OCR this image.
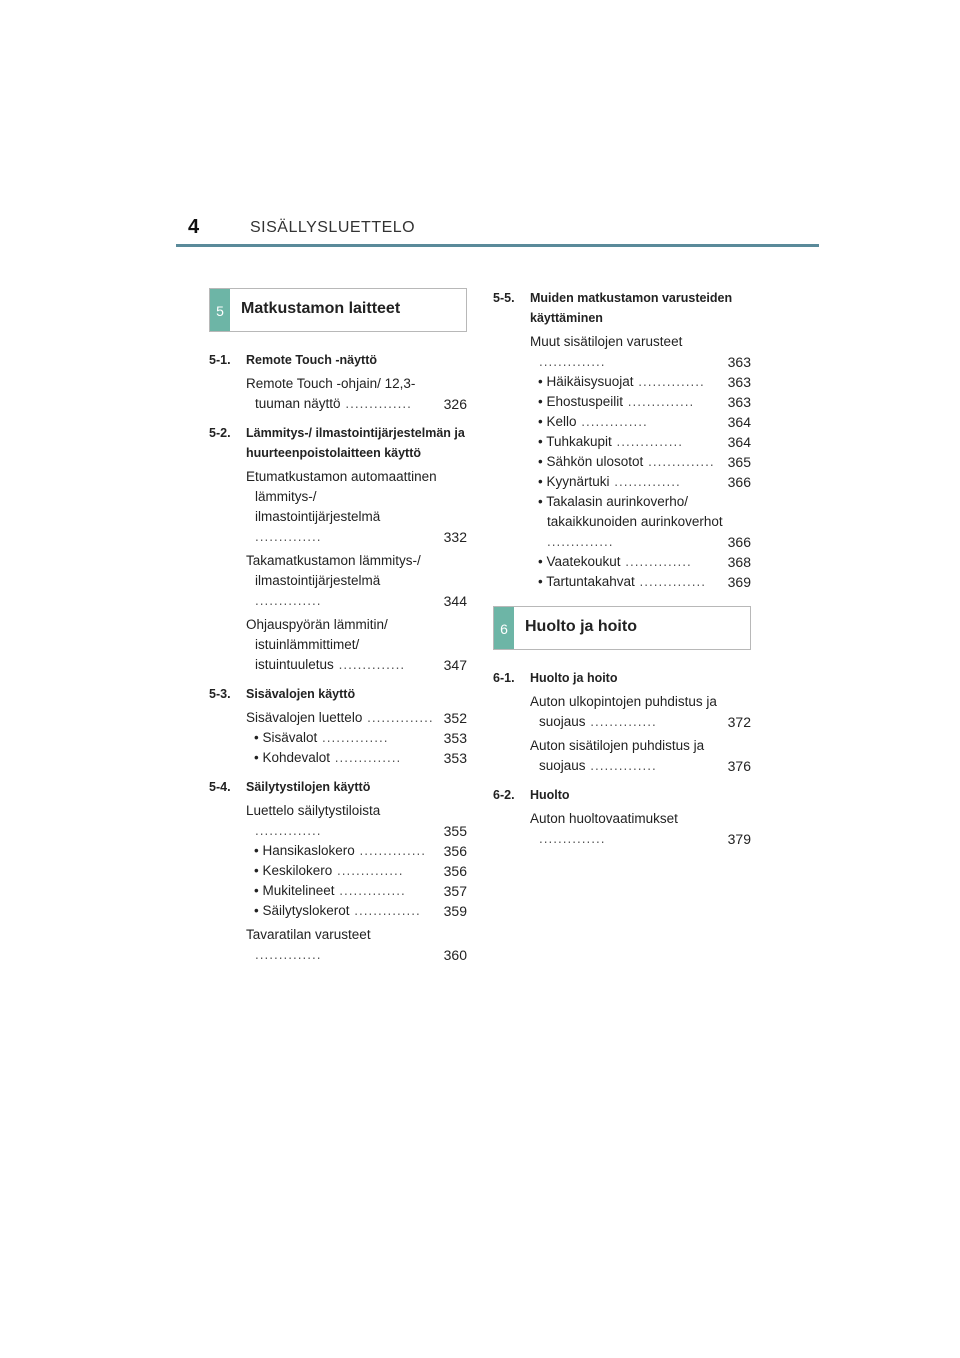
4	SISÄLLYSLUETTELO
5	Matkustamon laitteet
5-1.	Remote Touch -näyttö
Remote Touch -ohjain/ 12,3-tuuman näyttö ..............	326
5-2.	Lämmitys-/ ilmastointijärjestelmän ja huurteenpoistolaitteen käyttö
Etumatkustamon automaattinen lämmitys-/ ilmastointijärjestelmä ..............	332
Takamatkustamon lämmitys-/ ilmastointijärjestelmä ..............	344
Ohjauspyörän lämmitin/ istuinlämmittimet/ istuintuuletus ..............	347
5-3.	Sisävalojen käyttö
Sisävalojen luettelo .............. 352
• Sisävalot ..............	353
• Kohdevalot ..............	353
5-4.	Säilytystilojen käyttö
Luettelo säilytystiloista ..............	355
• Hansikaslokero ..............	356
• Keskilokero ..............	356
• Mukitelineet ..............	357
• Säilytyslokerot ..............	359
Tavaratilan varusteet ..............	360
5-5.	Muiden matkustamon varusteiden käyttäminen
Muut sisätilojen varusteet ..............	363
• Häikäisysuojat ..............	363
• Ehostuspeilit ..............	363
• Kello ..............	364
• Tuhkakupit ..............	364
• Sähkön ulosotot .............. 365
• Kyynärtuki ..............	366
• Takalasin aurinkoverho/ takaikkunoiden aurinkoverhot ..............	366
• Vaatekoukut ..............	368
• Tartuntakahvat ..............	369
6	Huolto ja hoito
6-1.	Huolto ja hoito
Auton ulkopintojen puhdistus ja suojaus ..............	372
Auton sisätilojen puhdistus ja suojaus ..............	376
6-2.	Huolto
Auton huoltovaatimukset ..............	379
